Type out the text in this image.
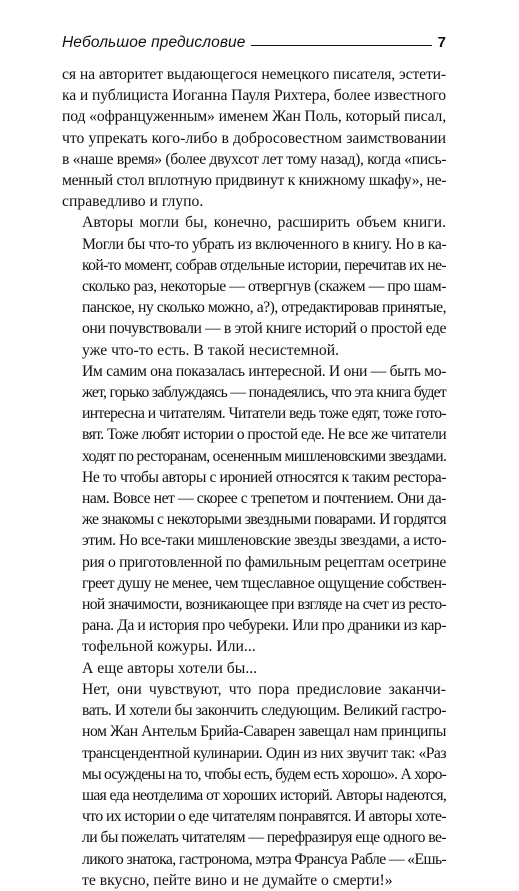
Небольшое предисловие	7

ся на авторитет выдающегося немецкого писателя, эстети-
ка и публициста Иоганна Пауля Рихтера, более известного
под «офранцуженным» именем Жан Поль, который писал,
что упрекать кого-либо в добросовестном заимствовании
в «наше время» (более двухсот лет тому назад), когда «пись-
менный стол вплотную придвинут к книжному шкафу», не-
справедливо и глупо.

Авторы могли бы, конечно, расширить объем книги.
Могли бы что-то убрать из включенного в книгу. Но в ка-
кой-то момент, собрав отдельные истории, перечитав их не-
сколько раз, некоторые — отвергнув (скажем — про шам-
панское, ну сколько можно, а?), отредактировав принятые,
они почувствовали — в этой книге историй о простой еде
уже что-то есть. В такой несистемной.

Им самим она показалась интересной. И они — быть мо-
жет, горько заблуждаясь — понадеялись, что эта книга будет
интересна и читателям. Читатели ведь тоже едят, тоже гото-
вят. Тоже любят истории о простой еде. Не все же читатели
ходят по ресторанам, осененным мишленовскими звездами.
Не то чтобы авторы с иронией относятся к таким рестора-
нам. Вовсе нет — скорее с трепетом и почтением. Они да-
же знакомы с некоторыми звездными поварами. И гордятся
этим. Но все-таки мишленовские звезды звездами, а исто-
рия о приготовленной по фамильным рецептам осетрине
греет душу не менее, чем тщеславное ощущение собствен-
ной значимости, возникающее при взгляде на счет из ресто-
рана. Да и история про чебуреки. Или про драники из кар-
тофельной кожуры. Или...

А еще авторы хотели бы...

Нет, они чувствуют, что пора предисловие заканчи-
вать. И хотели бы закончить следующим. Великий гастро-
ном Жан Антельм Брийа-Саварен завещал нам принципы
трансцендентной кулинарии. Один из них звучит так: «Раз
мы осуждены на то, чтобы есть, будем есть хорошо». А хоро-
шая еда неотделима от хороших историй. Авторы надеются,
что их истории о еде читателям понравятся. И авторы хоте-
ли бы пожелать читателям — перефразируя еще одного ве-
ликого знатока, гастронома, мэтра Франсуа Рабле — «Ешь-
те вкусно, пейте вино и не думайте о смерти!»
